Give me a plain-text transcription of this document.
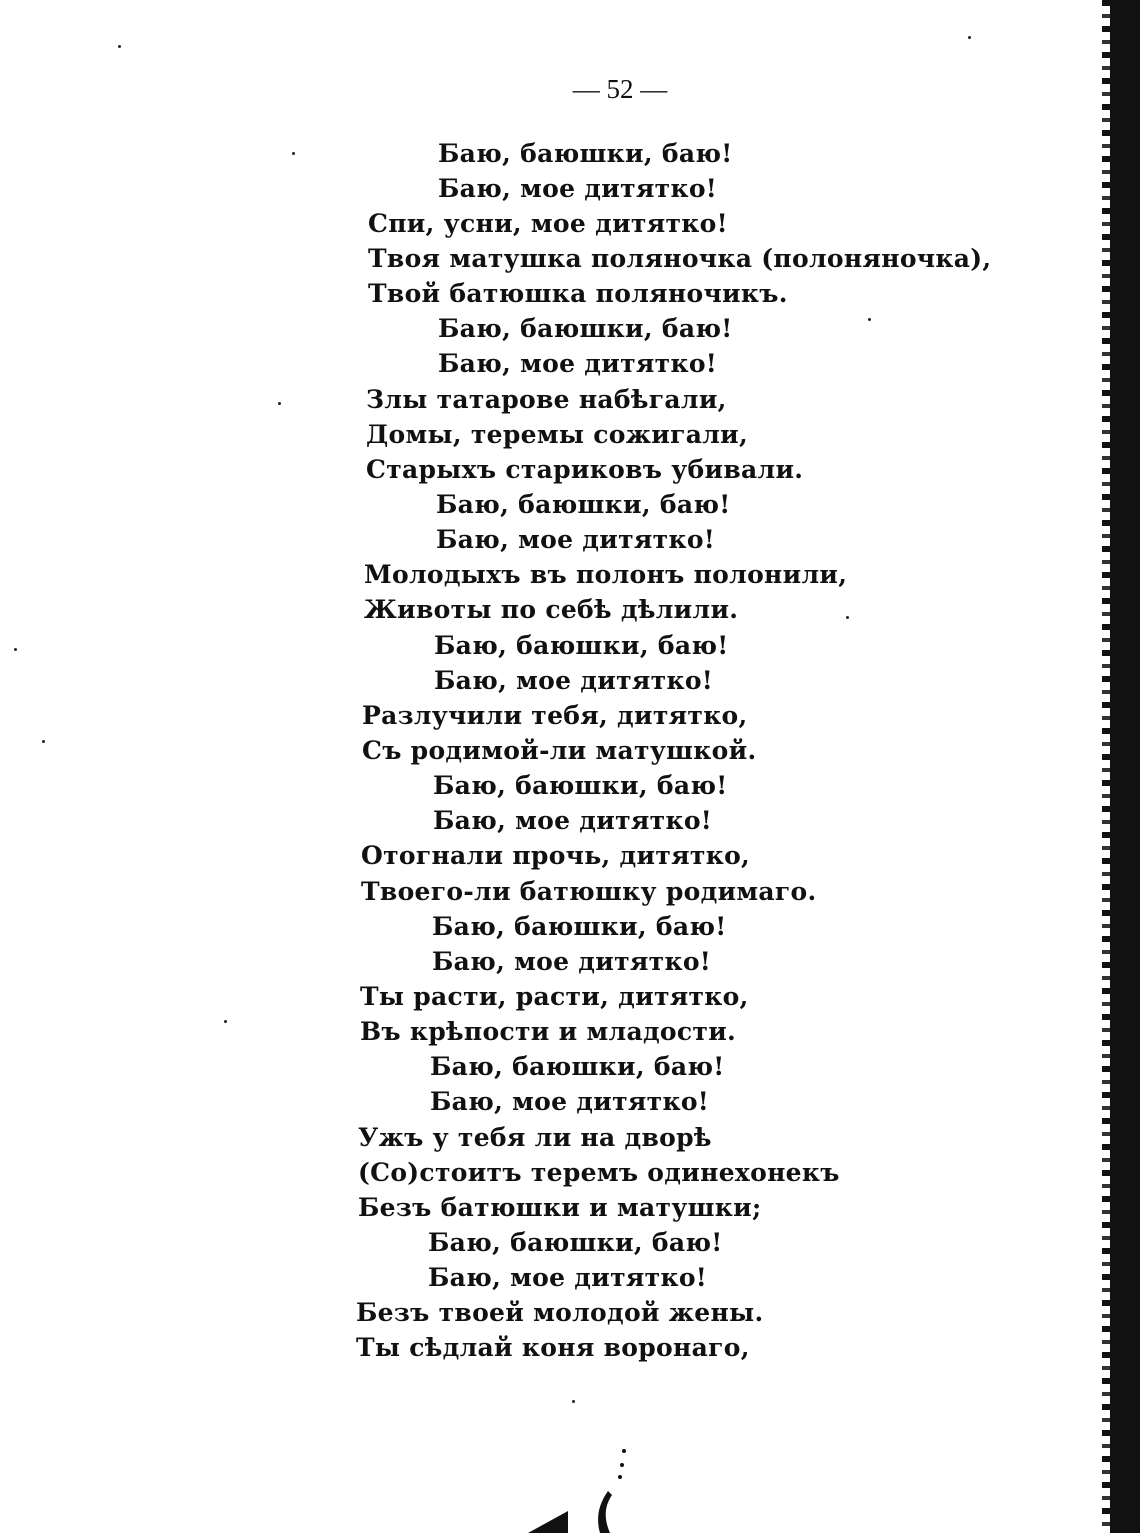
— 52 —
Баю, баюшки, баю!
Баю, мое дитятко!
Спи, усни, мое дитятко!
Твоя матушка поляночка (полоняночка),
Твой батюшка поляночикъ.
Баю, баюшки, баю!
Баю, мое дитятко!
Злы татарове набѣгали,
Домы, теремы сожигали,
Старыхъ стариковъ убивали.
Баю, баюшки, баю!
Баю, мое дитятко!
Молодыхъ въ полонъ полонили,
Животы по себѣ дѣлили.
Баю, баюшки, баю!
Баю, мое дитятко!
Разлучили тебя, дитятко,
Съ родимой-ли матушкой.
Баю, баюшки, баю!
Баю, мое дитятко!
Отогнали прочь, дитятко,
Твоего-ли батюшку родимаго.
Баю, баюшки, баю!
Баю, мое дитятко!
Ты расти, расти, дитятко,
Въ крѣпости и младости.
Баю, баюшки, баю!
Баю, мое дитятко!
Ужъ у тебя ли на дворѣ
(Со)стоитъ теремъ одинехонекъ
Безъ батюшки и матушки;
Баю, баюшки, баю!
Баю, мое дитятко!
Безъ твоей молодой жены.
Ты сѣдлай коня воронаго,
